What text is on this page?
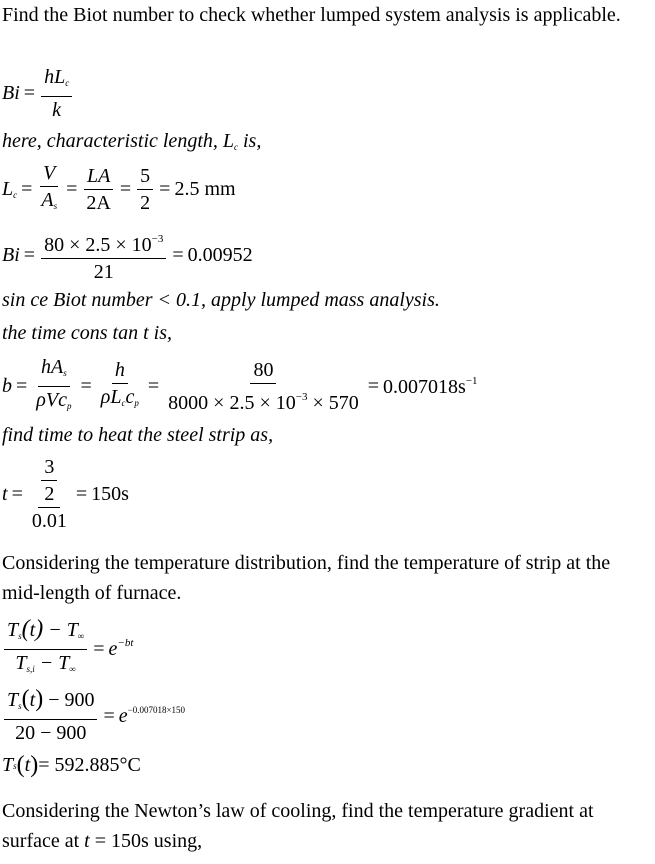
Find the Biot number to check whether lumped system analysis is applicable.
$Bi = \frac{hL_c}{k}$
here, characteristic length, $L_c$ is,
$L_c = \frac{V}{A_s} = \frac{LA}{2A} = \frac{5}{2} = 2.5$ mm
$Bi = \frac{80 \times 2.5 \times 10^{-3}}{21} = 0.00952$
sin ce Biot number < 0.1, apply lumped mass analysis.
the time cons tan t is,
$b = \frac{hA_s}{\rho Vc_p} = \frac{h}{\rho L_cc_p} = \frac{80}{8000 \times 2.5 \times 10^{-3} \times 570} = 0.007018s^{-1}$
find time to heat the steel strip as,
$t = \frac{\frac{3}{2}}{0.01} = 150s$
Considering the temperature distribution, find the temperature of strip at the mid-length of furnace.
$\frac{T_s(t) - T_\infty}{T_{s,i} - T_\infty} = e^{-bt}$
$\frac{T_s(t) - 900}{20 - 900} = e^{-0.007018\times 150}$
T s ( t ) = 592.885°C
Considering the Newton’s law of cooling, find the temperature gradient at surface at t = 150s using,
